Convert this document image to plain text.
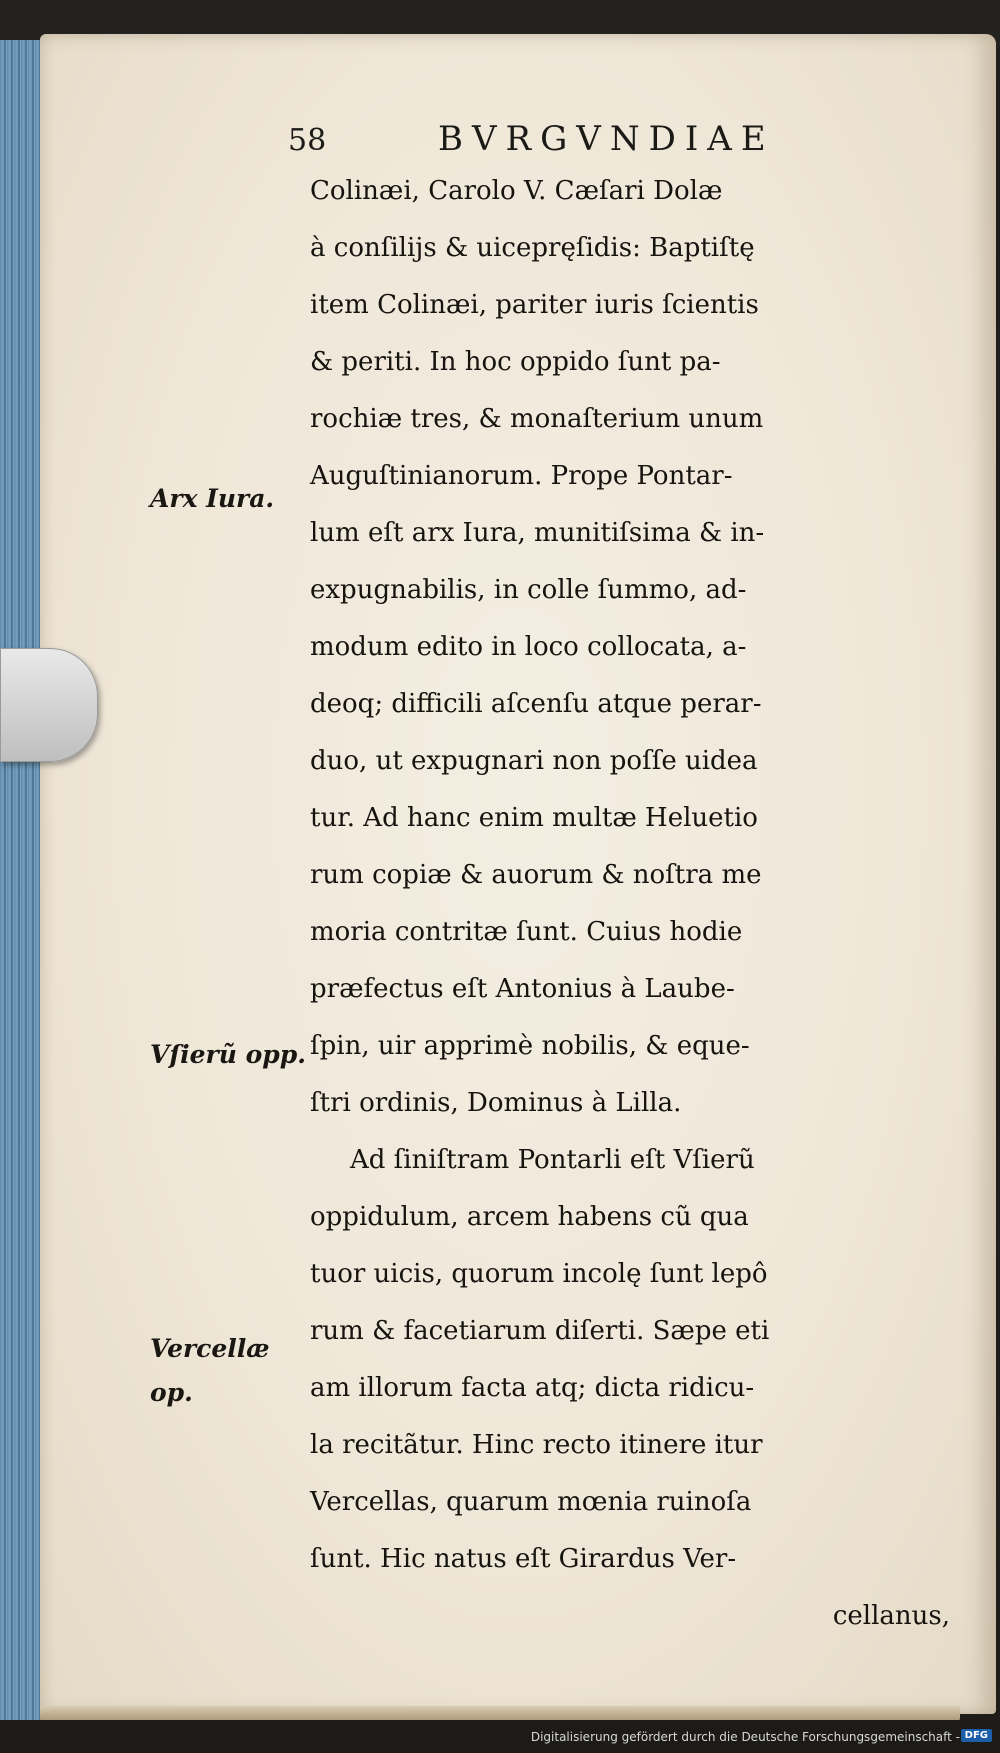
58	BVRGVNDIAE
Arx Iura.
Vſierũ opp.
Vercellæ
op.
Colinæi, Carolo V. Cæſari Dolæ
à conſilijs & uicepręſidis: Baptiſtę
item Colinæi, pariter iuris ſcientis
& periti. In hoc oppido ſunt pa-
rochiæ tres, & monaſterium unum
Auguſtinianorum. Prope Pontar-
lum eſt arx Iura, munitiſsima & in-
expugnabilis, in colle ſummo, ad-
modum edito in loco collocata, a-
deoq; difficili aſcenſu atque perar-
duo, ut expugnari non poſſe uidea
tur. Ad hanc enim multæ Heluetio
rum copiæ & auorum & noſtra me
moria contritæ ſunt. Cuius hodie
præfectus eſt Antonius à Laube-
ſpin, uir apprimè nobilis, & eque-
ſtri ordinis, Dominus à Lilla.
Ad ſiniſtram Pontarli eſt Vſierũ
oppidulum, arcem habens cũ qua
tuor uicis, quorum incolę ſunt lepô
rum & facetiarum diſerti. Sæpe eti
am illorum facta atq; dicta ridicu-
la recitãtur. Hinc recto itinere itur
Vercellas, quarum mœnia ruinoſa
ſunt. Hic natus eſt Girardus Ver-
cellanus,
Digitalisierung gefördert durch die Deutsche Forschungsgemeinschaft - DFG
